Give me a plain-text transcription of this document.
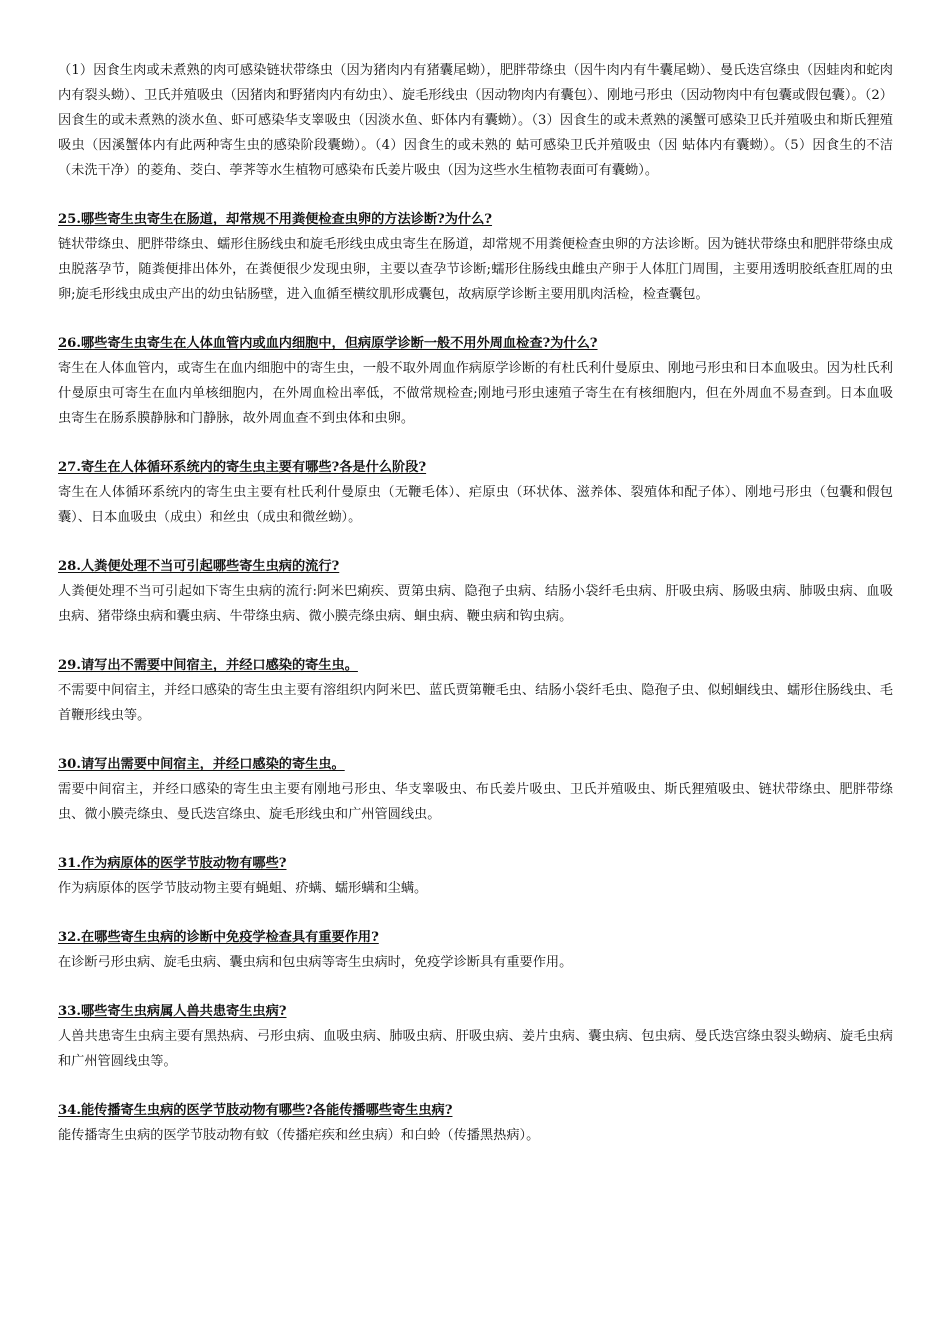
（1）因食生肉或未煮熟的肉可感染链状带绦虫（因为猪肉内有猪囊尾蚴），肥胖带绦虫（因牛肉内有牛囊尾蚴）、曼氏迭宫绦虫（因蛙肉和蛇肉内有裂头蚴）、卫氏并殖吸虫（因猪肉和野猪肉内有幼虫）、旋毛形线虫（因动物肉内有囊包）、刚地弓形虫（因动物肉中有包囊或假包囊）。（2）因食生的或未煮熟的淡水鱼、虾可感染华支睾吸虫（因淡水鱼、虾体内有囊蚴）。（3）因食生的或未煮熟的溪蟹可感染卫氏并殖吸虫和斯氏狸殖吸虫（因溪蟹体内有此两种寄生虫的感染阶段囊蚴）。（4）因食生的或未熟的 蛄可感染卫氏并殖吸虫（因 蛄体内有囊蚴）。（5）因食生的不洁（未洗干净）的菱角、茭白、荸荠等水生植物可感染布氏姜片吸虫（因为这些水生植物表面可有囊蚴）。

25.哪些寄生虫寄生在肠道，却常规不用粪便检查虫卵的方法诊断?为什么?

链状带绦虫、肥胖带绦虫、蠕形住肠线虫和旋毛形线虫成虫寄生在肠道，却常规不用粪便检查虫卵的方法诊断。因为链状带绦虫和肥胖带绦虫成虫脱落孕节，随粪便排出体外，在粪便很少发现虫卵，主要以查孕节诊断;蠕形住肠线虫雌虫产卵于人体肛门周围，主要用透明胶纸查肛周的虫卵;旋毛形线虫成虫产出的幼虫钻肠壁，进入血循至横纹肌形成囊包，故病原学诊断主要用肌肉活检，检查囊包。

26.哪些寄生虫寄生在人体血管内或血内细胞中，但病原学诊断一般不用外周血检查?为什么?

寄生在人体血管内，或寄生在血内细胞中的寄生虫，一般不取外周血作病原学诊断的有杜氏利什曼原虫、刚地弓形虫和日本血吸虫。因为杜氏利什曼原虫可寄生在血内单核细胞内，在外周血检出率低，不做常规检查;刚地弓形虫速殖子寄生在有核细胞内，但在外周血不易查到。日本血吸虫寄生在肠系膜静脉和门静脉，故外周血查不到虫体和虫卵。

27.寄生在人体循环系统内的寄生虫主要有哪些?各是什么阶段?

寄生在人体循环系统内的寄生虫主要有杜氏利什曼原虫（无鞭毛体）、疟原虫（环状体、滋养体、裂殖体和配子体）、刚地弓形虫（包囊和假包囊）、日本血吸虫（成虫）和丝虫（成虫和微丝蚴）。

28.人粪便处理不当可引起哪些寄生虫病的流行?

人粪便处理不当可引起如下寄生虫病的流行:阿米巴痢疾、贾第虫病、隐孢子虫病、结肠小袋纤毛虫病、肝吸虫病、肠吸虫病、肺吸虫病、血吸虫病、猪带绦虫病和囊虫病、牛带绦虫病、微小膜壳绦虫病、蛔虫病、鞭虫病和钩虫病。

29.请写出不需要中间宿主，并经口感染的寄生虫。

不需要中间宿主，并经口感染的寄生虫主要有溶组织内阿米巴、蓝氏贾第鞭毛虫、结肠小袋纤毛虫、隐孢子虫、似蚓蛔线虫、蠕形住肠线虫、毛首鞭形线虫等。

30.请写出需要中间宿主，并经口感染的寄生虫。

需要中间宿主，并经口感染的寄生虫主要有刚地弓形虫、华支睾吸虫、布氏姜片吸虫、卫氏并殖吸虫、斯氏狸殖吸虫、链状带绦虫、肥胖带绦虫、微小膜壳绦虫、曼氏迭宫绦虫、旋毛形线虫和广州管圆线虫。

31.作为病原体的医学节肢动物有哪些?

作为病原体的医学节肢动物主要有蝇蛆、疥螨、蠕形螨和尘螨。

32.在哪些寄生虫病的诊断中免疫学检查具有重要作用?

在诊断弓形虫病、旋毛虫病、囊虫病和包虫病等寄生虫病时，免疫学诊断具有重要作用。

33.哪些寄生虫病属人兽共患寄生虫病?

人兽共患寄生虫病主要有黑热病、弓形虫病、血吸虫病、肺吸虫病、肝吸虫病、姜片虫病、囊虫病、包虫病、曼氏迭宫绦虫裂头蚴病、旋毛虫病和广州管圆线虫等。

34.能传播寄生虫病的医学节肢动物有哪些?各能传播哪些寄生虫病?

能传播寄生虫病的医学节肢动物有蚊（传播疟疾和丝虫病）和白蛉（传播黑热病）。
